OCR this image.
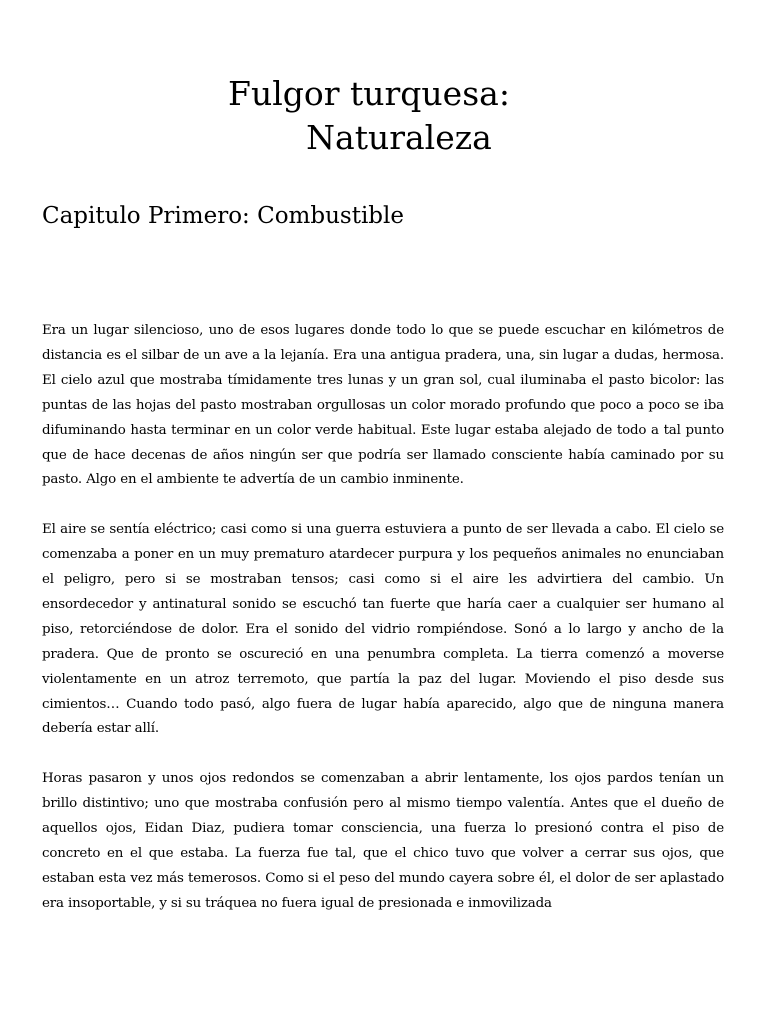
Fulgor turquesa:
Naturaleza
Capitulo Primero: Combustible

Era un lugar silencioso, uno de esos lugares donde todo lo que se puede escuchar en kilómetros de distancia es el silbar de un ave a la lejanía. Era una antigua pradera, una, sin lugar a dudas, hermosa. El cielo azul que mostraba tímidamente tres lunas y un gran sol, cual iluminaba el pasto bicolor: las puntas de las hojas del pasto mostraban orgullosas un color morado profundo que poco a poco se iba difuminando hasta terminar en un color verde habitual. Este lugar estaba alejado de todo a tal punto que de hace decenas de años ningún ser que podría ser llamado consciente había caminado por su pasto. Algo en el ambiente te advertía de un cambio inminente.

El aire se sentía eléctrico; casi como si una guerra estuviera a punto de ser llevada a cabo. El cielo se comenzaba a poner en un muy prematuro atardecer purpura y los pequeños animales no enunciaban el peligro, pero si se mostraban tensos; casi como si el aire les advirtiera del cambio. Un ensordecedor y antinatural sonido se escuchó tan fuerte que haría caer a cualquier ser humano al piso, retorciéndose de dolor. Era el sonido del vidrio rompiéndose. Sonó a lo largo y ancho de la pradera. Que de pronto se oscureció en una penumbra completa. La tierra comenzó a moverse violentamente en un atroz terremoto, que partía la paz del lugar. Moviendo el piso desde sus cimientos… Cuando todo pasó, algo fuera de lugar había aparecido, algo que de ninguna manera debería estar allí.

Horas pasaron y unos ojos redondos se comenzaban a abrir lentamente, los ojos pardos tenían un brillo distintivo; uno que mostraba confusión pero al mismo tiempo valentía. Antes que el dueño de aquellos ojos, Eidan Diaz, pudiera tomar consciencia, una fuerza lo presionó contra el piso de concreto en el que estaba. La fuerza fue tal, que el chico tuvo que volver a cerrar sus ojos, que estaban esta vez más temerosos. Como si el peso del mundo cayera sobre él, el dolor de ser aplastado era insoportable, y si su tráquea no fuera igual de presionada e inmovilizada
